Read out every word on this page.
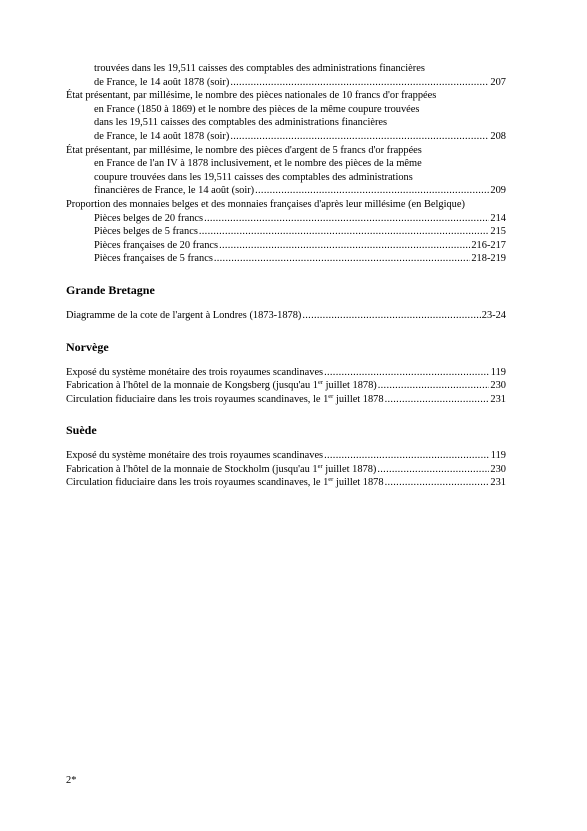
trouvées dans les 19,511 caisses des comptables des administrations financières
de France, le 14 août 1878 (soir) .....	207
État présentant, par millésime, le nombre des pièces nationales de 10 francs d'or frappées
en France (1850 à 1869) et le nombre des pièces de la même coupure trouvées
dans les 19,511 caisses des comptables des administrations financières
de France, le 14 août 1878 (soir) .....	208
État présentant, par millésime, le nombre des pièces d'argent de 5 francs d'or frappées
en France de l'an IV à 1878 inclusivement, et le nombre des pièces de la même
coupure trouvées dans les 19,511 caisses des comptables des administrations
financières de France, le 14 août (soir) .....	209
Proportion des monnaies belges et des monnaies françaises d'après leur millésime (en Belgique)
Pièces belges de 20 francs .....	214
Pièces belges de 5 francs .....	215
Pièces françaises de 20 francs .....	216-217
Pièces françaises de 5 francs .....	218-219
Grande Bretagne
Diagramme de la cote de l'argent à Londres (1873-1878) .....	23-24
Norvège
Exposé du système monétaire des trois royaumes scandinaves .....	119
Fabrication à l'hôtel de la monnaie de Kongsberg (jusqu'au 1er juillet 1878) .....	230
Circulation fiduciaire dans les trois royaumes scandinaves, le 1er juillet 1878 .....	231
Suède
Exposé du système monétaire des trois royaumes scandinaves .....	119
Fabrication à l'hôtel de la monnaie de Stockholm (jusqu'au 1er juillet 1878) .....	230
Circulation fiduciaire dans les trois royaumes scandinaves, le 1er juillet 1878 .....	231
2*
